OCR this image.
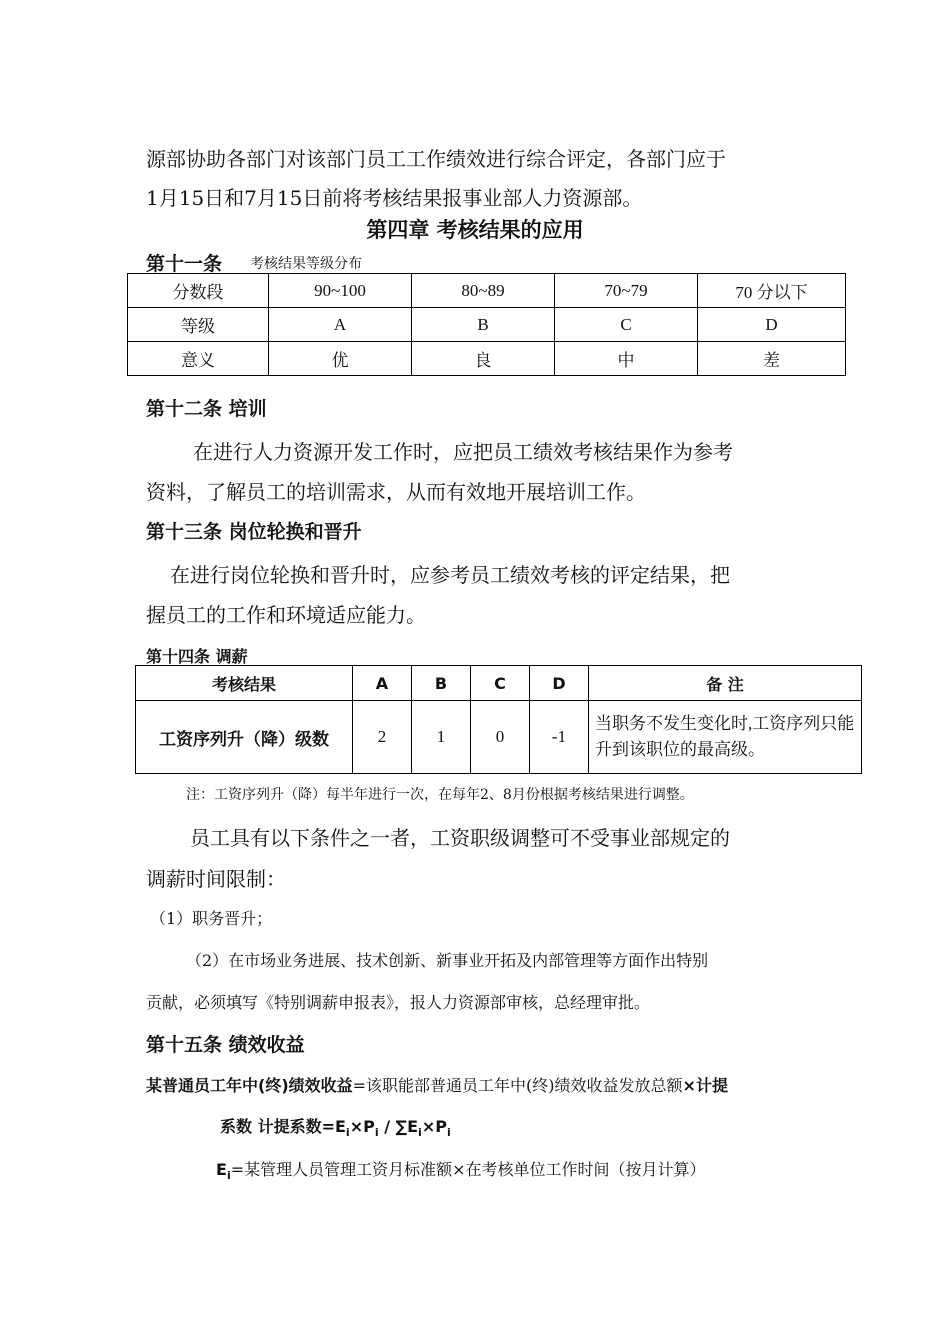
源部协助各部门对该部门员工工作绩效进行综合评定，各部门应于
1月15日和7月15日前将考核结果报事业部人力资源部。
第四章 考核结果的应用
第十一条 考核结果等级分布
分数段	90~100	80~89	70~79	70 分以下
等级	A	B	C	D
意义	优	良	中	差
第十二条 培训
在进行人力资源开发工作时，应把员工绩效考核结果作为参考
资料，了解员工的培训需求，从而有效地开展培训工作。
第十三条 岗位轮换和晋升
在进行岗位轮换和晋升时，应参考员工绩效考核的评定结果，把
握员工的工作和环境适应能力。
第十四条 调薪
考核结果	A	B	C	D	备 注
工资序列升（降）级数	2	1	0	-1	当职务不发生变化时,工资序列只能升到该职位的最高级。
注：工资序列升（降）每半年进行一次，在每年2、8月份根据考核结果进行调整。
员工具有以下条件之一者，工资职级调整可不受事业部规定的
调薪时间限制：
（1）职务晋升；
（2）在市场业务进展、技术创新、新事业开拓及内部管理等方面作出特别
贡献，必须填写《特别调薪申报表》，报人力资源部审核，总经理审批。
第十五条 绩效收益
某普通员工年中(终)绩效收益=该职能部普通员工年中(终)绩效收益发放总额×计提
系数 计提系数$=E_i\times P_i / \sum E_i\times P_i$
$E_i=$某管理人员管理工资月标准额×在考核单位工作时间（按月计算）
